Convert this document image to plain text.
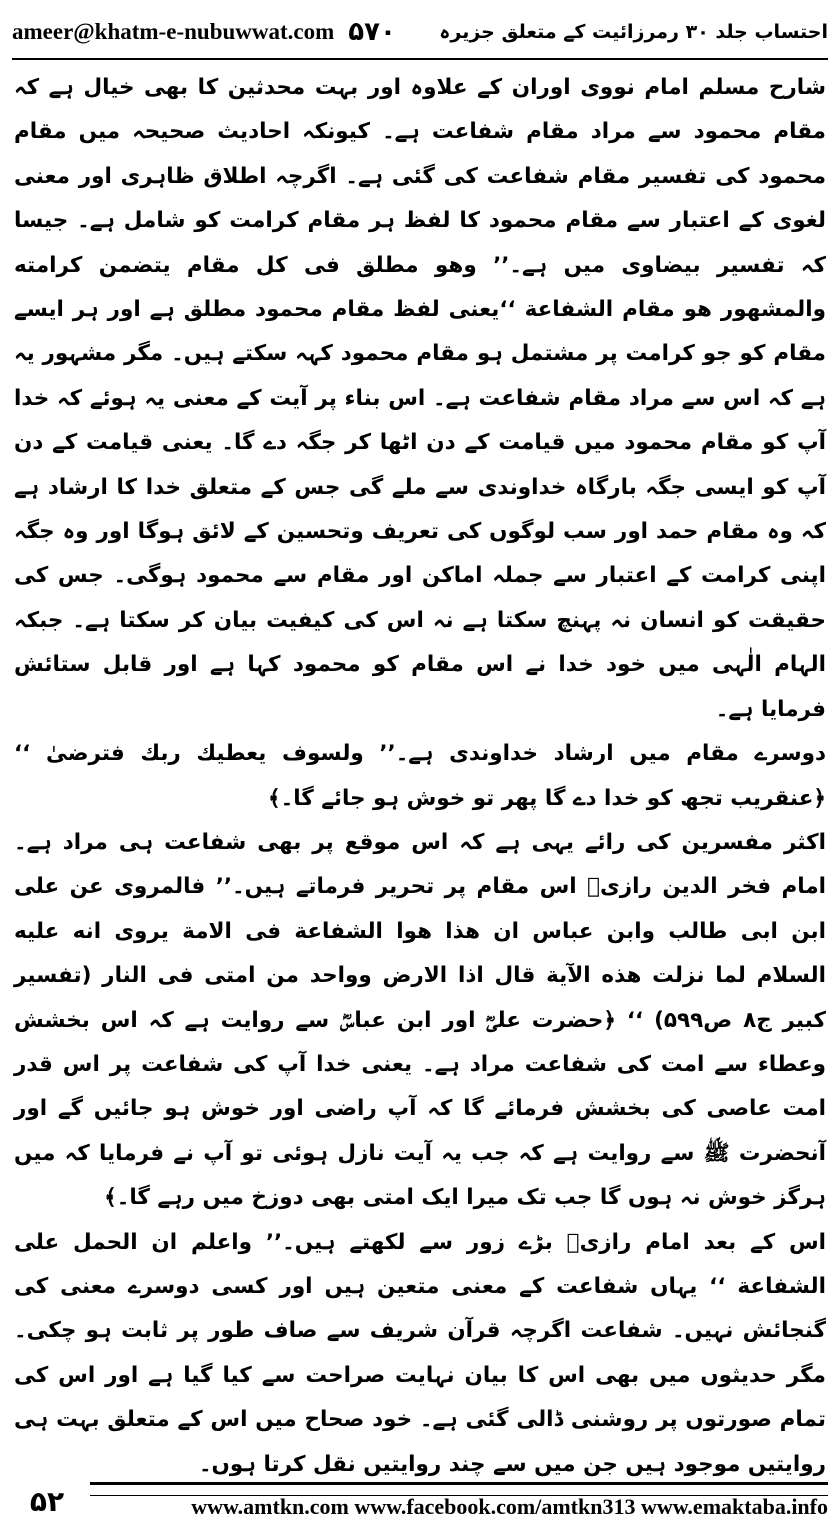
ameer@khatm-e-nubuwwat.com ۵۷۰ احتساب جلد ۳۰ رمرزائیت کے متعلق جزیرہ

شارح مسلم امام نووی اوران کے علاوہ اور بہت محدثین کا بھی خیال ہے کہ مقام محمود سے مراد مقام شفاعت ہے۔ کیونکہ احادیث صحیحہ میں مقام محمود کی تفسیر مقام شفاعت کی گئی ہے۔ اگرچہ اطلاق ظاہری اور معنی لغوی کے اعتبار سے مقام محمود کا لفظ ہر مقام کرامت کو شامل ہے۔ جیسا کہ تفسیر بیضاوی میں ہے۔’’ وهو مطلق فی کل مقام یتضمن کرامته والمشهور هو مقام الشفاعة ‘‘یعنی لفظ مقام محمود مطلق ہے اور ہر ایسے مقام کو جو کرامت پر مشتمل ہو مقام محمود کہہ سکتے ہیں۔ مگر مشہور یہ ہے کہ اس سے مراد مقام شفاعت ہے۔ اس بناء پر آیت کے معنی یہ ہوئے کہ خدا آپ کو مقام محمود میں قیامت کے دن اٹھا کر جگہ دے گا۔ یعنی قیامت کے دن آپ کو ایسی جگہ بارگاہ خداوندی سے ملے گی جس کے متعلق خدا کا ارشاد ہے کہ وہ مقام حمد اور سب لوگوں کی تعریف وتحسین کے لائق ہوگا اور وہ جگہ اپنی کرامت کے اعتبار سے جملہ اماکن اور مقام سے محمود ہوگی۔ جس کی حقیقت کو انسان نہ پہنچ سکتا ہے نہ اس کی کیفیت بیان کر سکتا ہے۔ جبکہ الہام الٰہی میں خود خدا نے اس مقام کو محمود کہا ہے اور قابل ستائش فرمایا ہے۔

دوسرے مقام میں ارشاد خداوندی ہے۔’’ ولسوف یعطیك ربك فترضیٰ ‘‘ ﴿عنقریب تجھ کو خدا دے گا پھر تو خوش ہو جائے گا۔﴾

اکثر مفسرین کی رائے یہی ہے کہ اس موقع پر بھی شفاعت ہی مراد ہے۔ امام فخر الدین رازیؒ اس مقام پر تحریر فرماتے ہیں۔’’ فالمروی عن علی ابن ابی طالب وابن عباس ان هذا هوا الشفاعة فی الامة یروی انه علیه السلام لما نزلت هذه الآیة قال اذا الارض وواحد من امتی فی النار (تفسیر کبیر ج۸ ص۵۹۹) ‘‘ ﴿حضرت علیؓ اور ابن عباسؓ سے روایت ہے کہ اس بخشش وعطاء سے امت کی شفاعت مراد ہے۔ یعنی خدا آپ کی شفاعت پر اس قدر امت عاصی کی بخشش فرمائے گا کہ آپ راضی اور خوش ہو جائیں گے اور آنحضرت ﷺ سے روایت ہے کہ جب یہ آیت نازل ہوئی تو آپ نے فرمایا کہ میں ہرگز خوش نہ ہوں گا جب تک میرا ایک امتی بھی دوزخ میں رہے گا۔﴾

اس کے بعد امام رازیؒ بڑے زور سے لکھتے ہیں۔’’ واعلم ان الحمل علی الشفاعة ‘‘ یہاں شفاعت کے معنی متعین ہیں اور کسی دوسرے معنی کی گنجائش نہیں۔ شفاعت اگرچہ قرآن شریف سے صاف طور پر ثابت ہو چکی۔ مگر حدیثوں میں بھی اس کا بیان نہایت صراحت سے کیا گیا ہے اور اس کی تمام صورتوں پر روشنی ڈالی گئی ہے۔ خود صحاح میں اس کے متعلق بہت ہی روایتیں موجود ہیں جن میں سے چند روایتیں نقل کرتا ہوں۔

۵۲	www.amtkn.com www.facebook.com/amtkn313 www.emaktaba.info
